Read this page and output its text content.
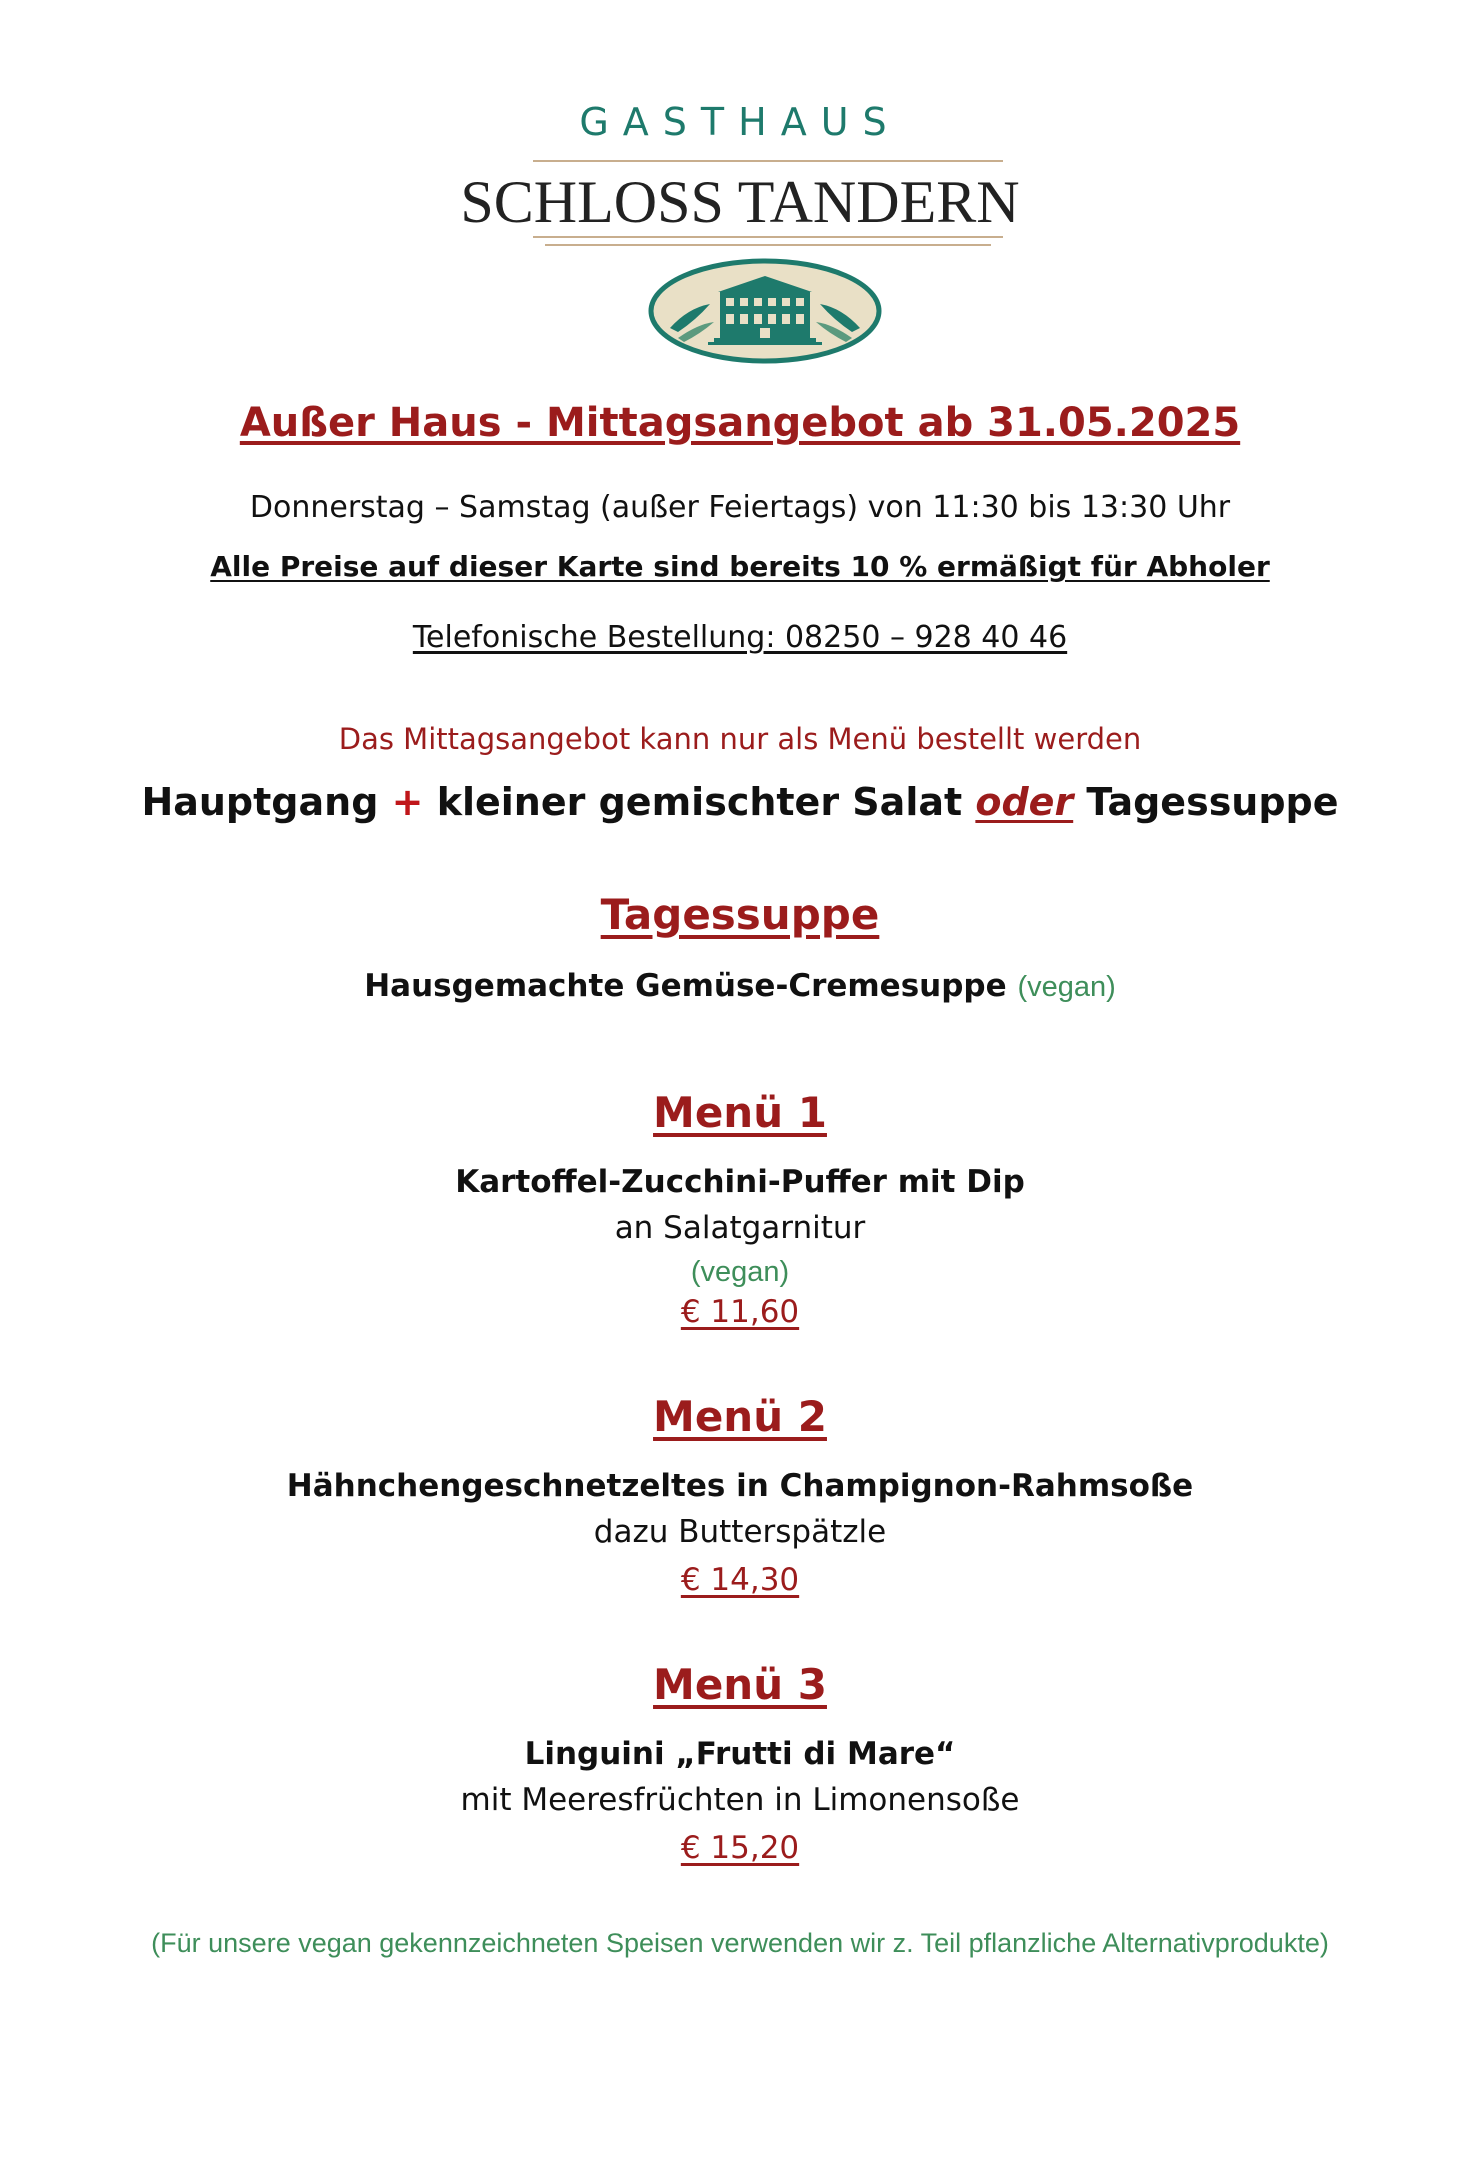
GASTHAUS
SCHLOSS TANDERN
Außer Haus - Mittagsangebot ab 31.05.2025
Donnerstag – Samstag (außer Feiertags) von 11:30 bis 13:30 Uhr
Alle Preise auf dieser Karte sind bereits 10 % ermäßigt für Abholer
Telefonische Bestellung: 08250 – 928 40 46
Das Mittagsangebot kann nur als Menü bestellt werden
Hauptgang + kleiner gemischter Salat oder Tagessuppe
Tagessuppe
Hausgemachte Gemüse-Cremesuppe (vegan)
Menü 1
Kartoffel-Zucchini-Puffer mit Dip
an Salatgarnitur
(vegan)
€ 11,60
Menü 2
Hähnchengeschnetzeltes in Champignon-Rahmsoße
dazu Butterspätzle
€ 14,30
Menü 3
Linguini „Frutti di Mare“
mit Meeresfrüchten in Limonensoße
€ 15,20
(Für unsere vegan gekennzeichneten Speisen verwenden wir z. Teil pflanzliche Alternativprodukte)
